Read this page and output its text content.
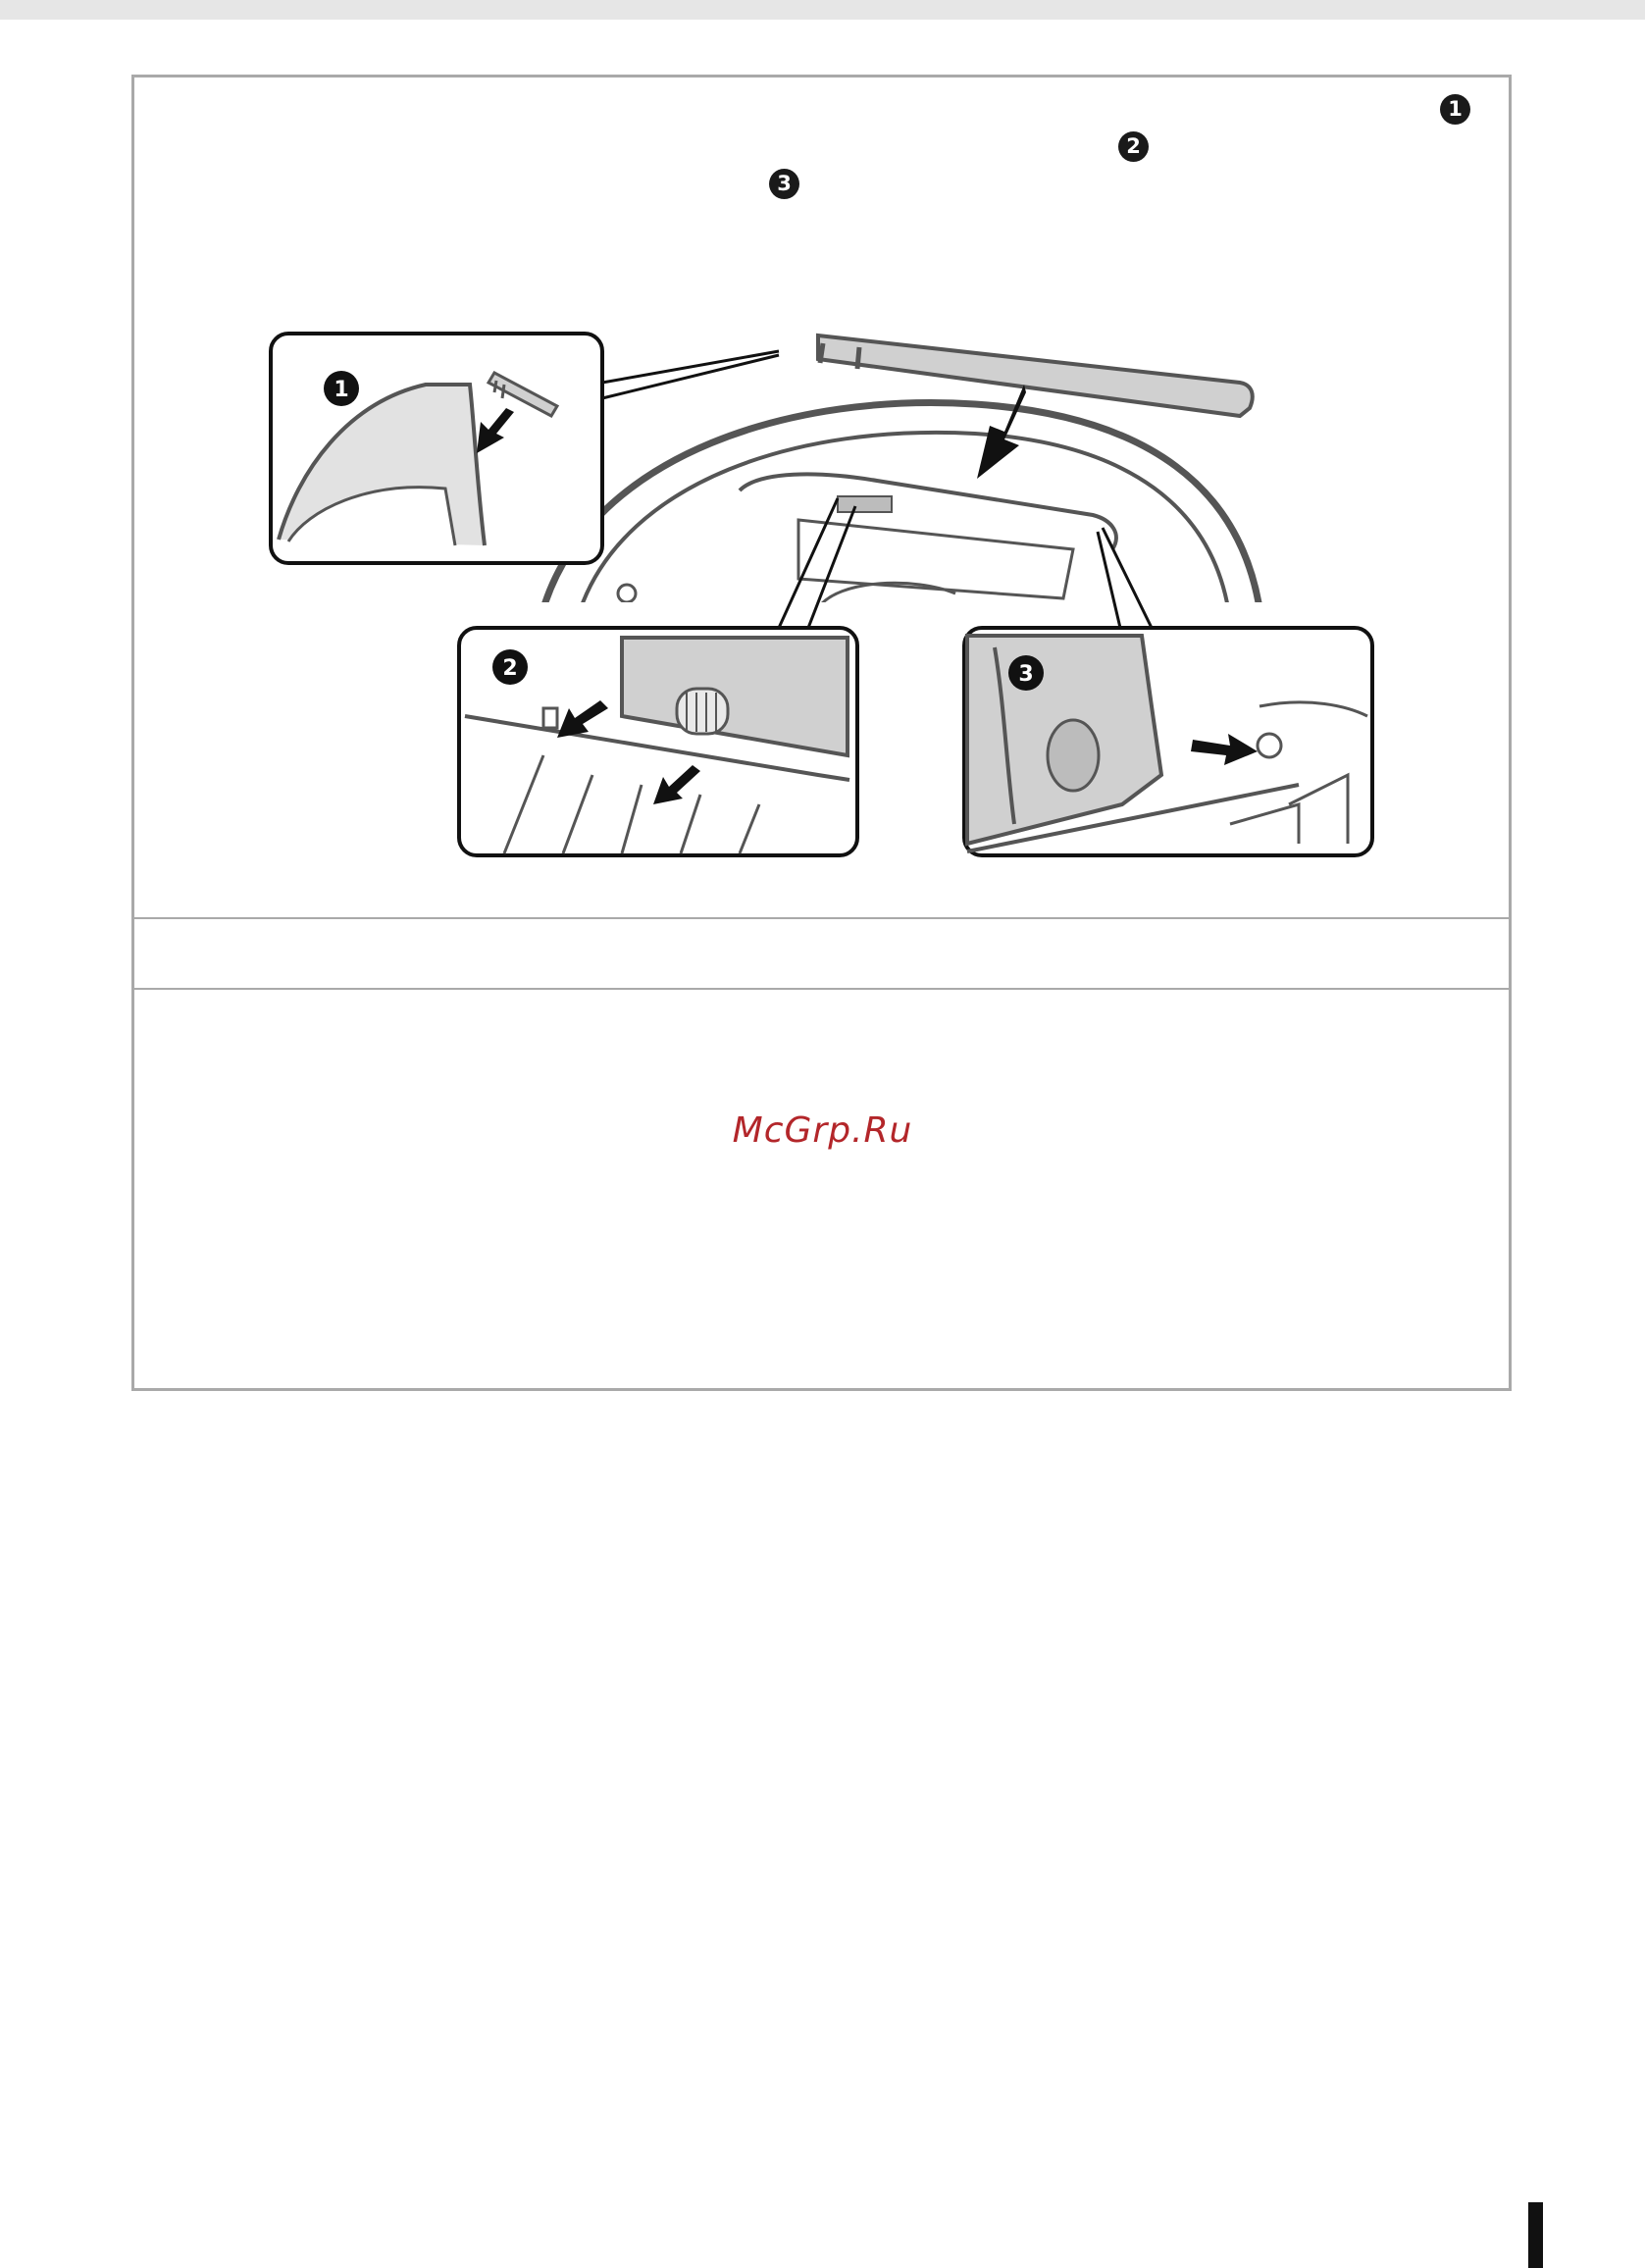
1
2
3
1
2	3
McGrp.Ru
